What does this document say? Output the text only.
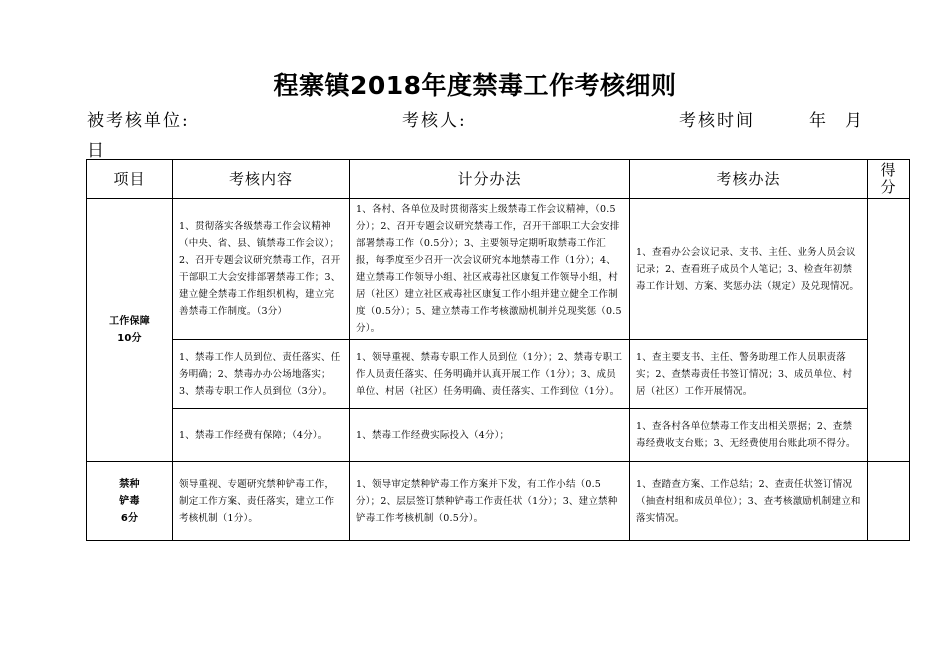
程寨镇2018年度禁毒工作考核细则
被考核单位:	考核人:	考核时间	年 月
日
项目	考核内容	计分办法	考核办法	得分

工作保障
10分	1、贯彻落实各级禁毒工作会议精神（中央、省、县、镇禁毒工作会议）；2、召开专题会议研究禁毒工作，召开干部职工大会安排部署禁毒工作；3、建立健全禁毒工作组织机构，建立完善禁毒工作制度。（3分）	1、各村、各单位及时贯彻落实上级禁毒工作会议精神，（0.5分）；2、召开专题会议研究禁毒工作，召开干部职工大会安排部署禁毒工作（0.5分）；3、主要领导定期听取禁毒工作汇报，每季度至少召开一次会议研究本地禁毒工作（1分）；4、建立禁毒工作领导小组、社区戒毒社区康复工作领导小组，村居（社区）建立社区戒毒社区康复工作小组并建立健全工作制度（0.5分）；5、建立禁毒工作考核激励机制并兑现奖惩（0.5分）。	1、查看办公会议记录、支书、主任、业务人员会议记录；2、查看班子成员个人笔记；3、检查年初禁毒工作计划、方案、奖惩办法（规定）及兑现情况。	
	1、禁毒工作人员到位、责任落实、任务明确；2、禁毒办办公场地落实；3、禁毒专职工作人员到位（3分）。	1、领导重视、禁毒专职工作人员到位（1分）；2、禁毒专职工作人员责任落实、任务明确并认真开展工作（1分）；3、成员单位、村居（社区）任务明确、责任落实、工作到位（1分）。	1、查主要支书、主任、警务助理工作人员职责落实；2、查禁毒责任书签订情况；3、成员单位、村居（社区）工作开展情况。	
	1、禁毒工作经费有保障；（4分）。	1、禁毒工作经费实际投入（4分）；	1、查各村各单位禁毒工作支出相关票据；2、查禁毒经费收支台账；3、无经费使用台账此项不得分。	

禁种
铲毒
6分	领导重视、专题研究禁种铲毒工作，制定工作方案、责任落实，建立工作考核机制（1分）。	1、领导审定禁种铲毒工作方案并下发，有工作小结（0.5分）；2、层层签订禁种铲毒工作责任状（1分）；3、建立禁种铲毒工作考核机制（0.5分）。	1、查踏查方案、工作总结；2、查责任状签订情况（抽查村组和成员单位）；3、查考核激励机制建立和落实情况。	
